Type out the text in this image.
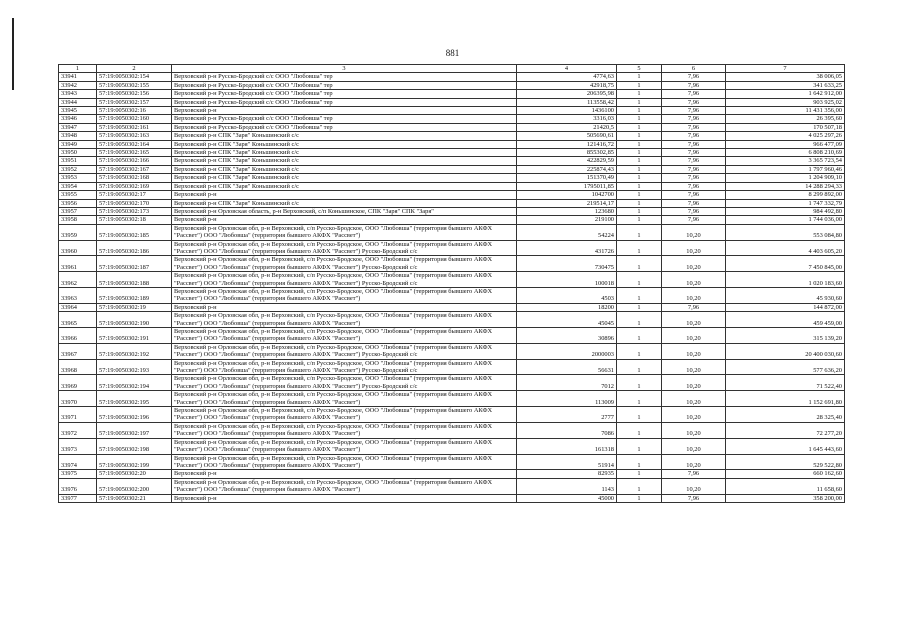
881
1	2	3	4	5	6	7
33941	57:19:0050302:154	Верховский р-н Русско-Бродский с/с ООО "Любовша" тер	4774,63	1	7,96	38 006,05
33942	57:19:0050302:155	Верховский р-н Русско-Бродский с/с ООО "Любовша" тер	42918,75	1	7,96	341 633,25
33943	57:19:0050302:156	Верховский р-н Русско-Бродский с/с ООО "Любовша" тер	206395,98	1	7,96	1 642 912,00
33944	57:19:0050302:157	Верховский р-н Русско-Бродский с/с ООО "Любовша" тер	113558,42	1	7,96	903 925,02
33945	57:19:0050302:16	Верховский р-н	1436100	1	7,96	11 431 356,00
33946	57:19:0050302:160	Верховский р-н Русско-Бродский с/с ООО "Любовша" тер	3316,03	1	7,96	26 395,60
33947	57:19:0050302:161	Верховский р-н Русско-Бродский с/с ООО "Любовша" тер	21420,5	1	7,96	170 507,18
33948	57:19:0050302:163	Верховский р-н СПК "Заря" Коньшинский с/с	505690,61	1	7,96	4 025 297,26
33949	57:19:0050302:164	Верховский р-н СПК "Заря" Коньшинский с/с	121416,72	1	7,96	966 477,09
33950	57:19:0050302:165	Верховский р-н СПК "Заря" Коньшинский с/с	855302,85	1	7,96	6 808 210,69
33951	57:19:0050302:166	Верховский р-н СПК "Заря" Коньшинский с/с	422829,59	1	7,96	3 365 723,54
33952	57:19:0050302:167	Верховский р-н СПК "Заря" Коньшинский с/с	225874,43	1	7,96	1 797 960,46
33953	57:19:0050302:168	Верховский р-н СПК "Заря" Коньшинский с/с	151370,49	1	7,96	1 204 909,10
33954	57:19:0050302:169	Верховский р-н СПК "Заря" Коньшинский с/с	1795011,85	1	7,96	14 288 294,33
33955	57:19:0050302:17	Верховский р-н	1042700	1	7,96	8 299 892,00
33956	57:19:0050302:170	Верховский р-н СПК "Заря" Коньшинский с/с	219514,17	1	7,96	1 747 332,79
33957	57:19:0050302:173	Верховский р-н Орловская область, р-н Верховский, с/п Коньшинское, СПК "Заря" СПК "Заря"	123680	1	7,96	984 492,80
33958	57:19:0050302:18	Верховский р-н	219100	1	7,96	1 744 036,00
33959	57:19:0050302:185	Верховский р-н Орловская обл, р-н Верховский, с/п Русско-Бродское, ООО "Любовша" (территория бывшего АКФХ "Рассвет") ООО "Любовша" (территория бывшего АКФХ "Рассвет")	54224	1	10,20	553 084,80
33960	57:19:0050302:186	Верховский р-н Орловская обл, р-н Верховский, с/п Русско-Бродское, ООО "Любовша" (территория бывшего АКФХ "Рассвет") ООО "Любовша" (территория бывшего АКФХ "Рассвет") Русско-Бродский с/с	431726	1	10,20	4 403 605,20
33961	57:19:0050302:187	Верховский р-н Орловская обл, р-н Верховский, с/п Русско-Бродское, ООО "Любовша" (территория бывшего АКФХ "Рассвет") ООО "Любовша" (территория бывшего АКФХ "Рассвет") Русско-Бродский с/с	730475	1	10,20	7 450 845,00
33962	57:19:0050302:188	Верховский р-н Орловская обл, р-н Верховский, с/п Русско-Бродское, ООО "Любовша" (территория бывшего АКФХ "Рассвет") ООО "Любовша" (территория бывшего АКФХ "Рассвет") Русско-Бродский с/с	100018	1	10,20	1 020 183,60
33963	57:19:0050302:189	Верховский р-н Орловская обл, р-н Верховский, с/п Русско-Бродское, ООО "Любовша" (территория бывшего АКФХ "Рассвет") ООО "Любовша" (территория бывшего АКФХ "Рассвет")	4503	1	10,20	45 930,60
33964	57:19:0050302:19	Верховский р-н	18200	1	7,96	144 872,00
33965	57:19:0050302:190	Верховский р-н Орловская обл, р-н Верховский, с/п Русско-Бродское, ООО "Любовша" (территория бывшего АКФХ "Рассвет") ООО "Любовша" (территория бывшего АКФХ "Рассвет")	45045	1	10,20	459 459,00
33966	57:19:0050302:191	Верховский р-н Орловская обл, р-н Верховский, с/п Русско-Бродское, ООО "Любовша" (территория бывшего АКФХ "Рассвет") ООО "Любовша" (территория бывшего АКФХ "Рассвет")	30896	1	10,20	315 139,20
33967	57:19:0050302:192	Верховский р-н Орловская обл, р-н Верховский, с/п Русско-Бродское, ООО "Любовша" (территория бывшего АКФХ "Рассвет") ООО "Любовша" (территория бывшего АКФХ "Рассвет") Русско-Бродский с/с	2000003	1	10,20	20 400 030,60
33968	57:19:0050302:193	Верховский р-н Орловская обл, р-н Верховский, с/п Русско-Бродское, ООО "Любовша" (территория бывшего АКФХ "Рассвет") ООО "Любовша" (территория бывшего АКФХ "Рассвет") Русско-Бродский с/с	56631	1	10,20	577 636,20
33969	57:19:0050302:194	Верховский р-н Орловская обл, р-н Верховский, с/п Русско-Бродское, ООО "Любовша" (территория бывшего АКФХ "Рассвет") ООО "Любовша" (территория бывшего АКФХ "Рассвет") Русско-Бродский с/с	7012	1	10,20	71 522,40
33970	57:19:0050302:195	Верховский р-н Орловская обл, р-н Верховский, с/п Русско-Бродское, ООО "Любовша" (территория бывшего АКФХ "Рассвет") ООО "Любовша" (территория бывшего АКФХ "Рассвет")	113009	1	10,20	1 152 691,80
33971	57:19:0050302:196	Верховский р-н Орловская обл, р-н Верховский, с/п Русско-Бродское, ООО "Любовша" (территория бывшего АКФХ "Рассвет") ООО "Любовша" (территория бывшего АКФХ "Рассвет")	2777	1	10,20	28 325,40
33972	57:19:0050302:197	Верховский р-н Орловская обл, р-н Верховский, с/п Русско-Бродское, ООО "Любовша" (территория бывшего АКФХ "Рассвет") ООО "Любовша" (территория бывшего АКФХ "Рассвет")	7086	1	10,20	72 277,20
33973	57:19:0050302:198	Верховский р-н Орловская обл, р-н Верховский, с/п Русско-Бродское, ООО "Любовша" (территория бывшего АКФХ "Рассвет") ООО "Любовша" (территория бывшего АКФХ "Рассвет")	161318	1	10,20	1 645 443,60
33974	57:19:0050302:199	Верховский р-н Орловская обл, р-н Верховский, с/п Русско-Бродское, ООО "Любовша" (территория бывшего АКФХ "Рассвет") ООО "Любовша" (территория бывшего АКФХ "Рассвет")	51914	1	10,20	529 522,80
33975	57:19:0050302:20	Верховский р-н	82935	1	7,96	660 162,60
33976	57:19:0050302:200	Верховский р-н Орловская обл, р-н Верховский, с/п Русско-Бродское, ООО "Любовша" (территория бывшего АКФХ "Рассвет") ООО "Любовша" (территория бывшего АКФХ "Рассвет")	1143	1	10,20	11 658,60
33977	57:19:0050302:21	Верховский р-н	45000	1	7,96	358 200,00
